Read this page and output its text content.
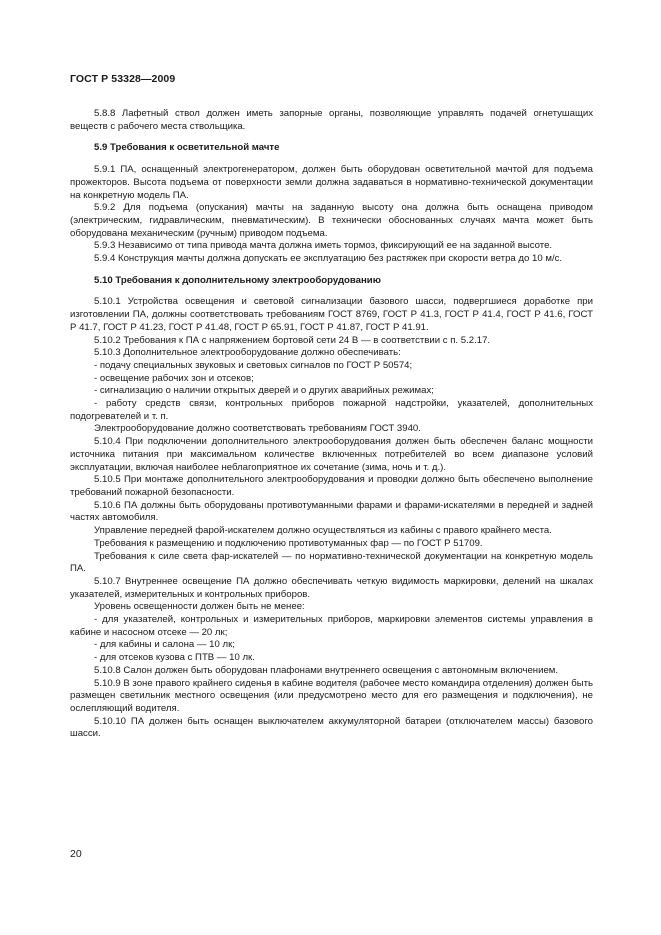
ГОСТ Р 53328—2009

5.8.8 Лафетный ствол должен иметь запорные органы, позволяющие управлять подачей огнетушащих веществ с рабочего места ствольщика.

5.9 Требования к осветительной мачте

5.9.1 ПА, оснащенный электрогенератором, должен быть оборудован осветительной мачтой для подъема прожекторов. Высота подъема от поверхности земли должна задаваться в нормативно-технической документации на конкретную модель ПА.

5.9.2 Для подъема (опускания) мачты на заданную высоту она должна быть оснащена приводом (электрическим, гидравлическим, пневматическим). В технически обоснованных случаях мачта может быть оборудована механическим (ручным) приводом подъема.

5.9.3 Независимо от типа привода мачта должна иметь тормоз, фиксирующий ее на заданной высоте.

5.9.4 Конструкция мачты должна допускать ее эксплуатацию без растяжек при скорости ветра до 10 м/с.

5.10 Требования к дополнительному электрооборудованию

5.10.1 Устройства освещения и световой сигнализации базового шасси, подвергшиеся доработке при изготовлении ПА, должны соответствовать требованиям ГОСТ 8769, ГОСТ Р 41.3, ГОСТ Р 41.4, ГОСТ Р 41.6, ГОСТ Р 41.7, ГОСТ Р 41.23, ГОСТ Р 41.48, ГОСТ Р 65.91, ГОСТ Р 41.87, ГОСТ Р 41.91.

5.10.2 Требования к ПА с напряжением бортовой сети 24 В — в соответствии с п. 5.2.17.

5.10.3 Дополнительное электрооборудование должно обеспечивать:

- подачу специальных звуковых и световых сигналов по ГОСТ Р 50574;

- освещение рабочих зон и отсеков;

- сигнализацию о наличии открытых дверей и о других аварийных режимах;

- работу средств связи, контрольных приборов пожарной надстройки, указателей, дополнительных подогревателей и т. п.

Электрооборудование должно соответствовать требованиям ГОСТ 3940.

5.10.4 При подключении дополнительного электрооборудования должен быть обеспечен баланс мощности источника питания при максимальном количестве включенных потребителей во всем диапазоне условий эксплуатации, включая наиболее неблагоприятное их сочетание (зима, ночь и т. д.).

5.10.5 При монтаже дополнительного электрооборудования и проводки должно быть обеспечено выполнение требований пожарной безопасности.

5.10.6 ПА должны быть оборудованы противотуманными фарами и фарами-искателями в передней и задней частях автомобиля.

Управление передней фарой-искателем должно осуществляться из кабины с правого крайнего места.

Требования к размещению и подключению противотуманных фар — по ГОСТ Р 51709.

Требования к силе света фар-искателей — по нормативно-технической документации на конкретную модель ПА.

5.10.7 Внутреннее освещение ПА должно обеспечивать четкую видимость маркировки, делений на шкалах указателей, измерительных и контрольных приборов.

Уровень освещенности должен быть не менее:

- для указателей, контрольных и измерительных приборов, маркировки элементов системы управления в кабине и насосном отсеке — 20 лк;

- для кабины и салона — 10 лк;

- для отсеков кузова с ПТВ — 10 лк.

5.10.8 Салон должен быть оборудован плафонами внутреннего освещения с автономным включением.

5.10.9 В зоне правого крайнего сиденья в кабине водителя (рабочее место командира отделения) должен быть размещен светильник местного освещения (или предусмотрено место для его размещения и подключения), не ослепляющий водителя.

5.10.10 ПА должен быть оснащен выключателем аккумуляторной батареи (отключателем массы) базового шасси.

20
